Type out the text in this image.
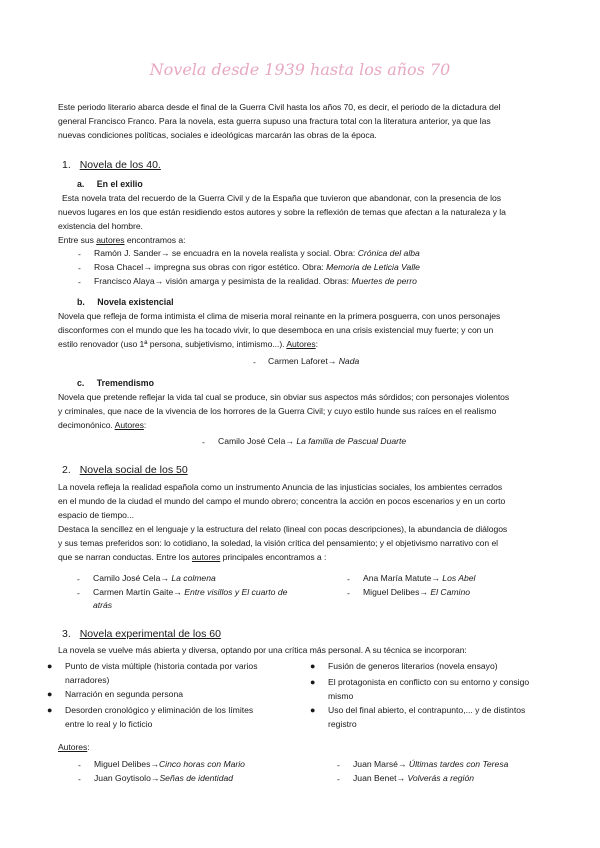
Novela desde 1939 hasta los años 70
Este periodo literario abarca desde el final de la Guerra Civil hasta los años 70, es decir, el periodo de la dictadura del
general Francisco Franco. Para la novela, esta guerra supuso una fractura total con la literatura anterior, ya que las
nuevas condiciones políticas, sociales e ideológicas marcarán las obras de la época.
1. Novela de los 40.
a. En el exilio
Esta novela trata del recuerdo de la Guerra Civil y de la España que tuvieron que abandonar, con la presencia de los
nuevos lugares en los que están residiendo estos autores y sobre la reflexión de temas que afectan a la naturaleza y la
existencia del hombre.
Entre sus autores encontramos a:
- Ramón J. Sander→ se encuadra en la novela realista y social. Obra: Crónica del alba
- Rosa Chacel→ impregna sus obras con rigor estético. Obra: Memoria de Leticia Valle
- Francisco Alaya→ visión amarga y pesimista de la realidad. Obras: Muertes de perro
b. Novela existencial
Novela que refleja de forma intimista el clima de miseria moral reinante en la primera posguerra, con unos personajes
disconformes con el mundo que les ha tocado vivir, lo que desemboca en una crisis existencial muy fuerte; y con un
estilo renovador (uso 1ª persona, subjetivismo, intimismo...). Autores:
- Carmen Laforet→ Nada
c. Tremendismo
Novela que pretende reflejar la vida tal cual se produce, sin obviar sus aspectos más sórdidos; con personajes violentos
y criminales, que nace de la vivencia de los horrores de la Guerra Civil; y cuyo estilo hunde sus raíces en el realismo
decimonónico. Autores:
- Camilo José Cela→ La familia de Pascual Duarte
2. Novela social de los 50
La novela refleja la realidad española como un instrumento Anuncia de las injusticias sociales, los ambientes cerrados
en el mundo de la ciudad el mundo del campo el mundo obrero; concentra la acción en pocos escenarios y en un corto
espacio de tiempo...
Destaca la sencillez en el lenguaje y la estructura del relato (lineal con pocas descripciones), la abundancia de diálogos
y sus temas preferidos son: lo cotidiano, la soledad, la visión crítica del pensamiento; y el objetivismo narrativo con el
que se narran conductas. Entre los autores principales encontramos a :
- Camilo José Cela→ La colmena
- Carmen Martín Gaite→ Entre visillos y El cuarto de
atrás
- Ana María Matute→ Los Abel
- Miguel Delibes→ El Camino
3. Novela experimental de los 60
La novela se vuelve más abierta y diversa, optando por una crítica más personal. A su técnica se incorporan:
● Punto de vista múltiple (historia contada por varios
narradores)
● Narración en segunda persona
● Desorden cronológico y eliminación de los límites
entre lo real y lo ficticio
● Fusión de generos literarios (novela ensayo)
● El protagonista en conflicto con su entorno y consigo
mismo
● Uso del final abierto, el contrapunto,... y de distintos
registro
Autores:
- Miguel Delibes→Cinco horas con Mario
- Juan Goytisolo→Señas de identidad
- Juan Marsé→ Últimas tardes con Teresa
- Juan Benet→ Volverás a región
